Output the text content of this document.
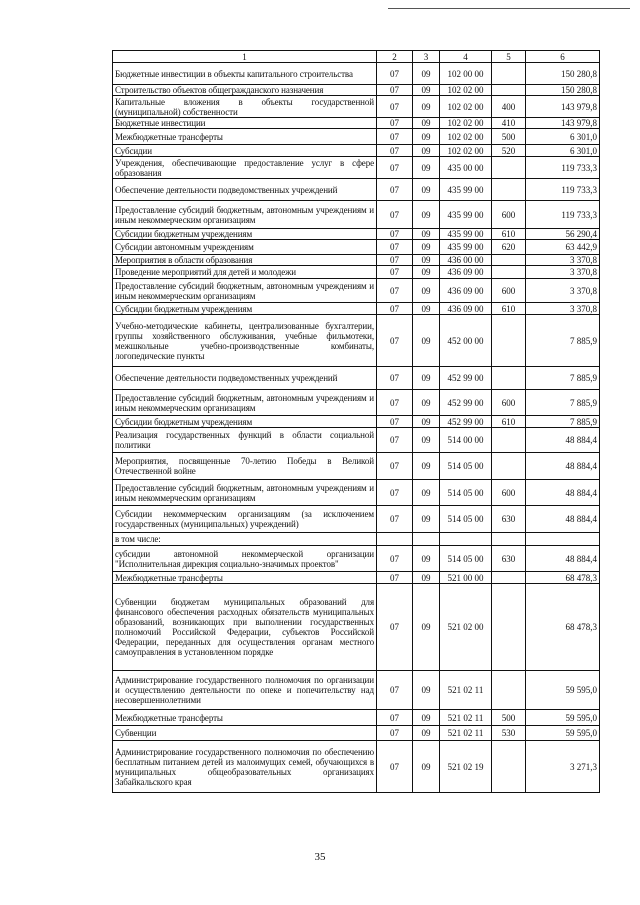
1	2	3	4	5	6
Бюджетные инвестиции в объекты капитального строительства	07	09	102 00 00		150 280,8
Строительство объектов общегражданского назначения	07	09	102 02 00		150 280,8
Капитальные вложения в объекты государственной (муниципальной) собственности	07	09	102 02 00	400	143 979,8
Бюджетные инвестиции	07	09	102 02 00	410	143 979,8
Межбюджетные трансферты	07	09	102 02 00	500	6 301,0
Субсидии	07	09	102 02 00	520	6 301,0
Учреждения, обеспечивающие предоставление услуг в сфере образования	07	09	435 00 00		119 733,3
Обеспечение деятельности подведомственных учреждений	07	09	435 99 00		119 733,3
Предоставление субсидий бюджетным, автономным учреждениям и иным некоммерческим организациям	07	09	435 99 00	600	119 733,3
Субсидии бюджетным учреждениям	07	09	435 99 00	610	56 290,4
Субсидии автономным учреждениям	07	09	435 99 00	620	63 442,9
Мероприятия в области образования	07	09	436 00 00		3 370,8
Проведение мероприятий для детей и молодежи	07	09	436 09 00		3 370,8
Предоставление субсидий бюджетным, автономным учреждениям и иным некоммерческим организациям	07	09	436 09 00	600	3 370,8
Субсидии бюджетным учреждениям	07	09	436 09 00	610	3 370,8
Учебно-методические кабинеты, централизованные бухгалтерии, группы хозяйственного обслуживания, учебные фильмотеки, межшкольные учебно-производственные комбинаты, логопедические пункты	07	09	452 00 00		7 885,9
Обеспечение деятельности подведомственных учреждений	07	09	452 99 00		7 885,9
Предоставление субсидий бюджетным, автономным учреждениям и иным некоммерческим организациям	07	09	452 99 00	600	7 885,9
Субсидии бюджетным учреждениям	07	09	452 99 00	610	7 885,9
Реализация государственных функций в области социальной политики	07	09	514 00 00		48 884,4
Мероприятия, посвященные 70-летию Победы в Великой Отечественной войне	07	09	514 05 00		48 884,4
Предоставление субсидий бюджетным, автономным учреждениям и иным некоммерческим организациям	07	09	514 05 00	600	48 884,4
Субсидии некоммерческим организациям (за исключением государственных (муниципальных) учреждений)	07	09	514 05 00	630	48 884,4
в том числе:					
субсидии автономной некоммерческой организации "Исполнительная дирекция социально-значимых проектов"	07	09	514 05 00	630	48 884,4
Межбюджетные трансферты	07	09	521 00 00		68 478,3
Субвенции бюджетам муниципальных образований для финансового обеспечения расходных обязательств муниципальных образований, возникающих при выполнении государственных полномочий Российской Федерации, субъектов Российской Федерации, переданных для осуществления органам местного самоуправления в установленном порядке	07	09	521 02 00		68 478,3
Администрирование государственного полномочия по организации и осуществлению деятельности по опеке и попечительству над несовершеннолетними	07	09	521 02 11		59 595,0
Межбюджетные трансферты	07	09	521 02 11	500	59 595,0
Субвенции	07	09	521 02 11	530	59 595,0
Администрирование государственного полномочия по обеспечению бесплатным питанием детей из малоимущих семей, обучающихся в муниципальных общеобразовательных организациях Забайкальского края	07	09	521 02 19		3 271,3
35
